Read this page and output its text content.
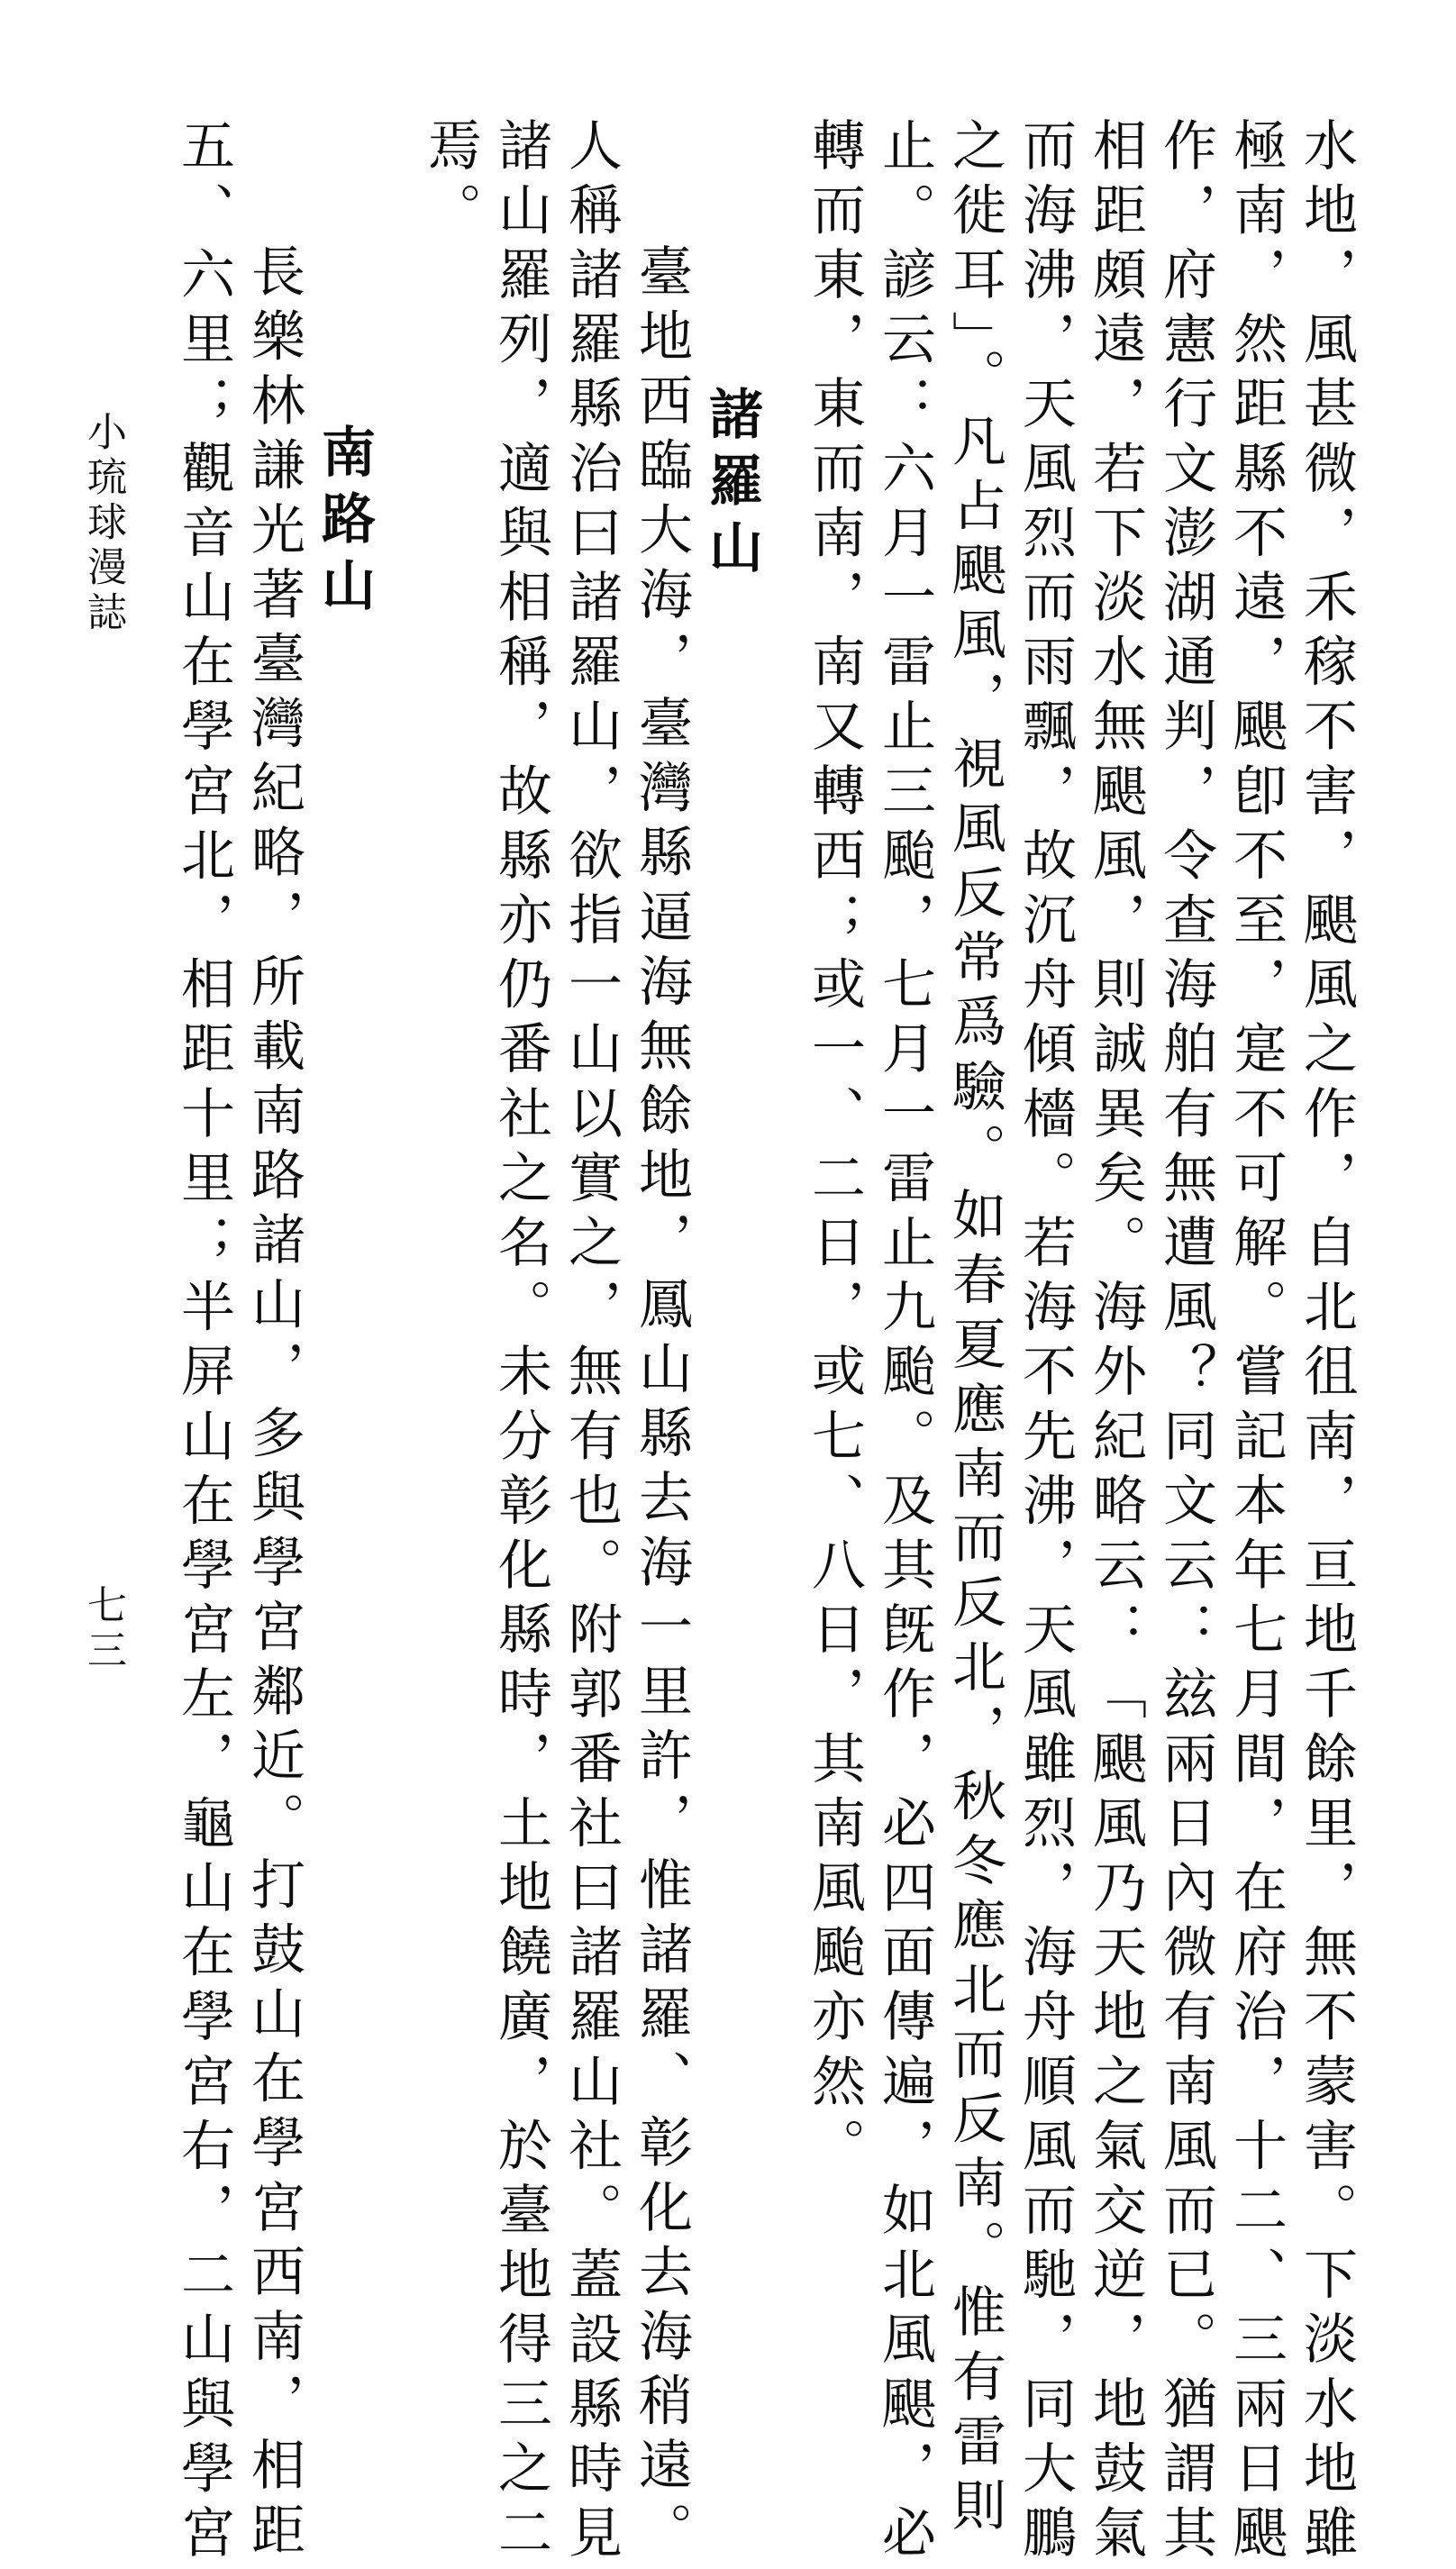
水地，風甚微，禾稼不害，颶風之作，自北徂南，亘地千餘里，無不蒙害。下淡水地雖
極南，然距縣不遠，颶卽不至，寔不可解。嘗記本年七月間，在府治，十二、三兩日颶
作，府憲行文澎湖通判，令查海舶有無遭風？同文云：玆兩日內微有南風而已。猶謂其
相距頗遠，若下淡水無颶風，則誠異矣。海外紀略云：「颶風乃天地之氣交逆，地鼓氣
而海沸，天風烈而雨飄，故沉舟傾檣。若海不先沸，天風雖烈，海舟順風而馳，同大鵬
之徙耳」。凡占颶風，視風反常爲驗。如春夏應南而反北，秋冬應北而反南。惟有雷則
止。諺云：六月一雷止三颱，七月一雷止九颱。及其旣作，必四面傳遍，如北風颶，必
轉而東，東而南，南又轉西；或一、二日，或七、八日，其南風颱亦然。
諸羅山
臺地西臨大海，臺灣縣逼海無餘地，鳳山縣去海一里許，惟諸羅、彰化去海稍遠。
人稱諸羅縣治曰諸羅山，欲指一山以實之，無有也。附郭番社曰諸羅山社。蓋設縣時見
諸山羅列，適與相稱，故縣亦仍番社之名。未分彰化縣時，土地饒廣，於臺地得三之二
焉。
南路山
長樂林謙光著臺灣紀略，所載南路諸山，多與學宮鄰近。打鼓山在學宮西南，相距
五、六里；觀音山在學宮北，相距十里；半屏山在學宮左，龜山在學宮右，二山與學宮
小琉球漫誌
七三
